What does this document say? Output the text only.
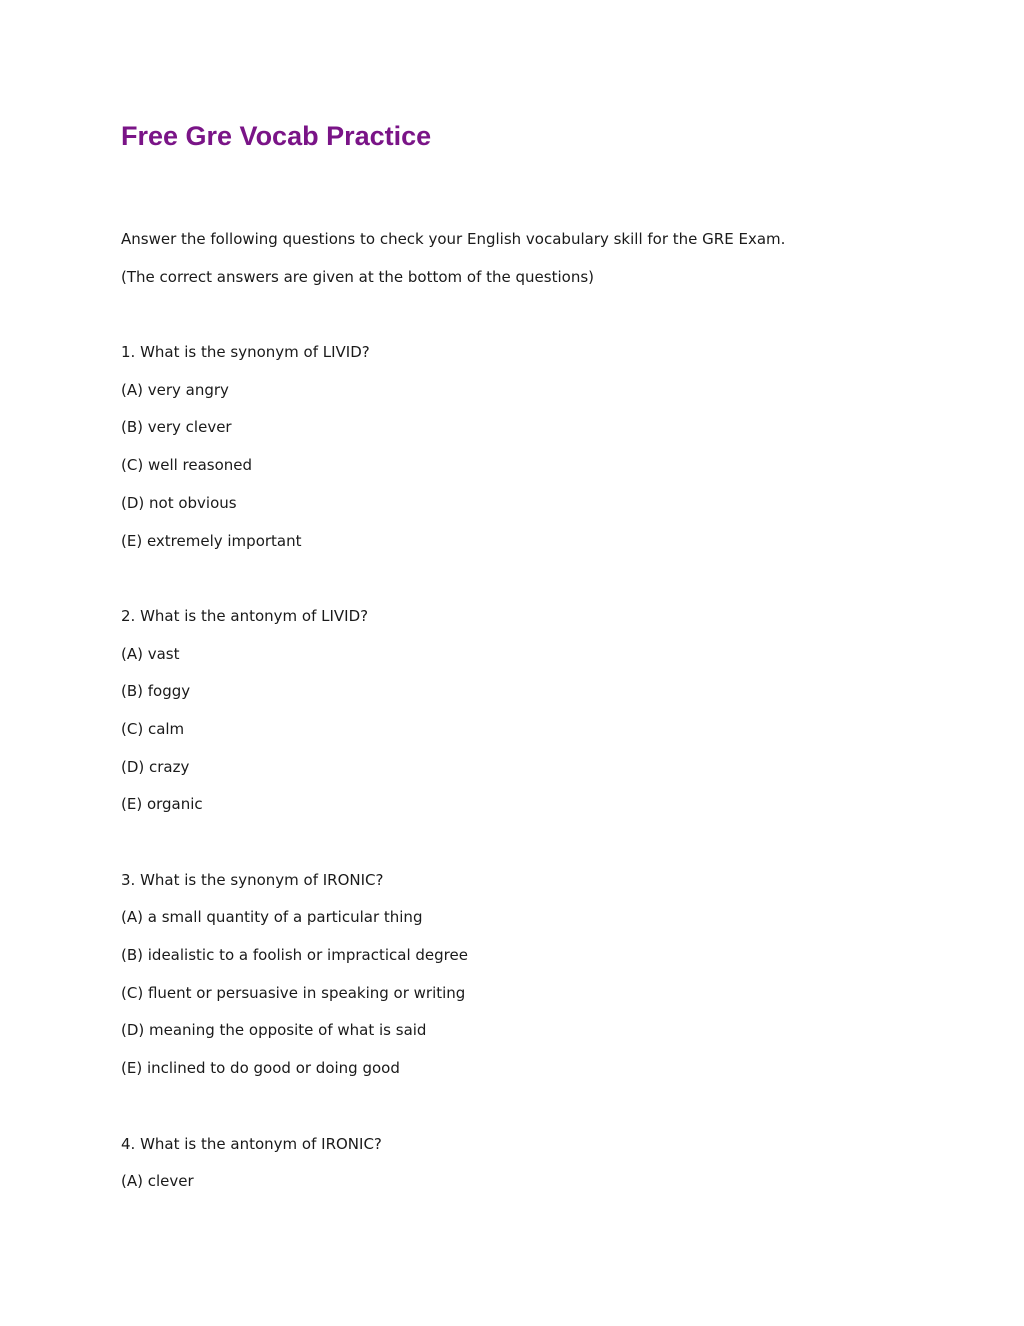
Free Gre Vocab Practice
Answer the following questions to check your English vocabulary skill for the GRE Exam.
(The correct answers are given at the bottom of the questions)
1. What is the synonym of LIVID?
(A) very angry
(B) very clever
(C) well reasoned
(D) not obvious
(E) extremely important
2. What is the antonym of LIVID?
(A) vast
(B) foggy
(C) calm
(D) crazy
(E) organic
3. What is the synonym of IRONIC?
(A) a small quantity of a particular thing
(B) idealistic to a foolish or impractical degree
(C) fluent or persuasive in speaking or writing
(D) meaning the opposite of what is said
(E) inclined to do good or doing good
4. What is the antonym of IRONIC?
(A) clever
